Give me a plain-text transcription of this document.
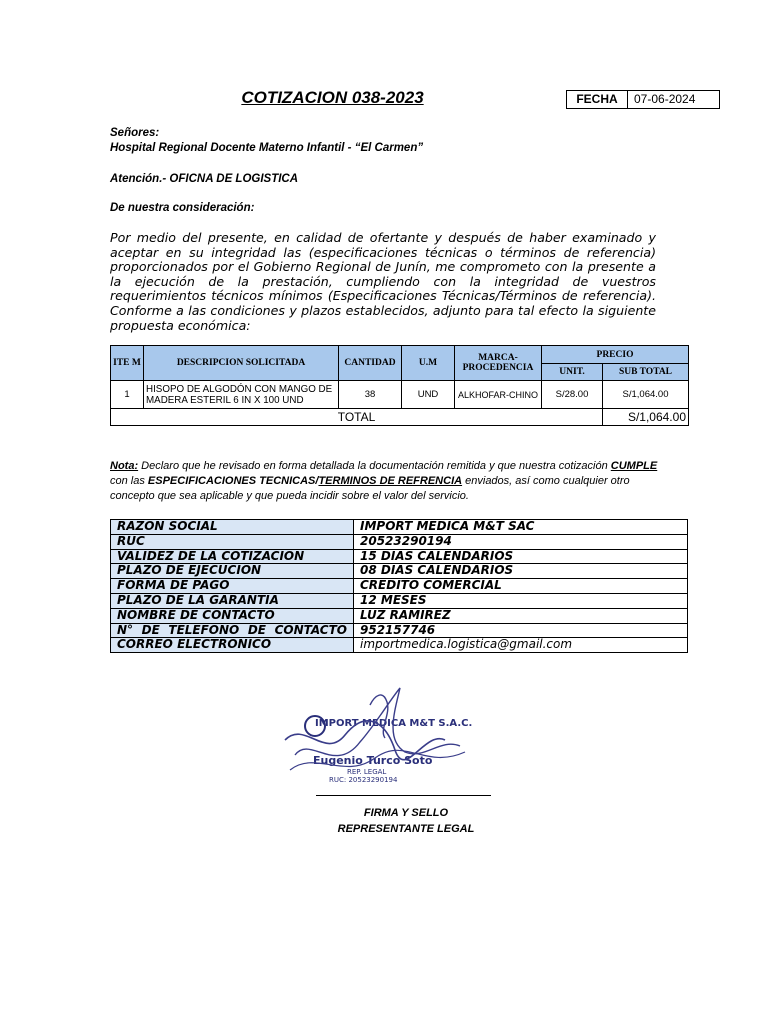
COTIZACION 038-2023	FECHA	07-06-2024
Señores:
Hospital Regional Docente Materno Infantil - “El Carmen”
Atención.- OFICNA DE LOGISTICA
De nuestra consideración:
Por medio del presente, en calidad de ofertante y después de haber examinado y aceptar en su integridad las (especificaciones técnicas o términos de referencia) proporcionados por el Gobierno Regional de Junín, me comprometo con la presente a la ejecución de la prestación, cumpliendo con la integridad de vuestros requerimientos técnicos mínimos (Especificaciones Técnicas/Términos de referencia). Conforme a las condiciones y plazos establecidos, adjunto para tal efecto la siguiente propuesta económica:
ITE M	DESCRIPCION SOLICITADA	CANTIDAD	U.M	MARCA-PROCEDENCIA	PRECIO	
					UNIT.	SUB TOTAL
1	HISOPO DE ALGODÓN CON MANGO DE MADERA ESTERIL 6 IN X 100 UND	38	UND	ALKHOFAR-CHINO	S/28.00	S/1,064.00
TOTAL						S/1,064.00
Nota: Declaro que he revisado en forma detallada la documentación remitida y que nuestra cotización CUMPLE con las ESPECIFICACIONES TECNICAS/TERMINOS DE REFRENCIA enviados, así como cualquier otro concepto que sea aplicable y que pueda incidir sobre el valor del servicio.
RAZON SOCIAL	IMPORT MEDICA M&T SAC
RUC	20523290194
VALIDEZ DE LA COTIZACION	15 DIAS CALENDARIOS
PLAZO DE EJECUCION	08 DIAS CALENDARIOS
FORMA DE PAGO	CREDITO COMERCIAL
PLAZO DE LA GARANTIA	12 MESES
NOMBRE DE CONTACTO	LUZ RAMIREZ
N° DE TELEFONO DE CONTACTO	952157746
CORREO ELECTRONICO	importmedica.logistica@gmail.com
IMPORT MEDICA M&T S.A.C.
Eugenio Turco Soto
REP. LEGAL
RUC: 20523290194
FIRMA Y SELLO
REPRESENTANTE LEGAL
